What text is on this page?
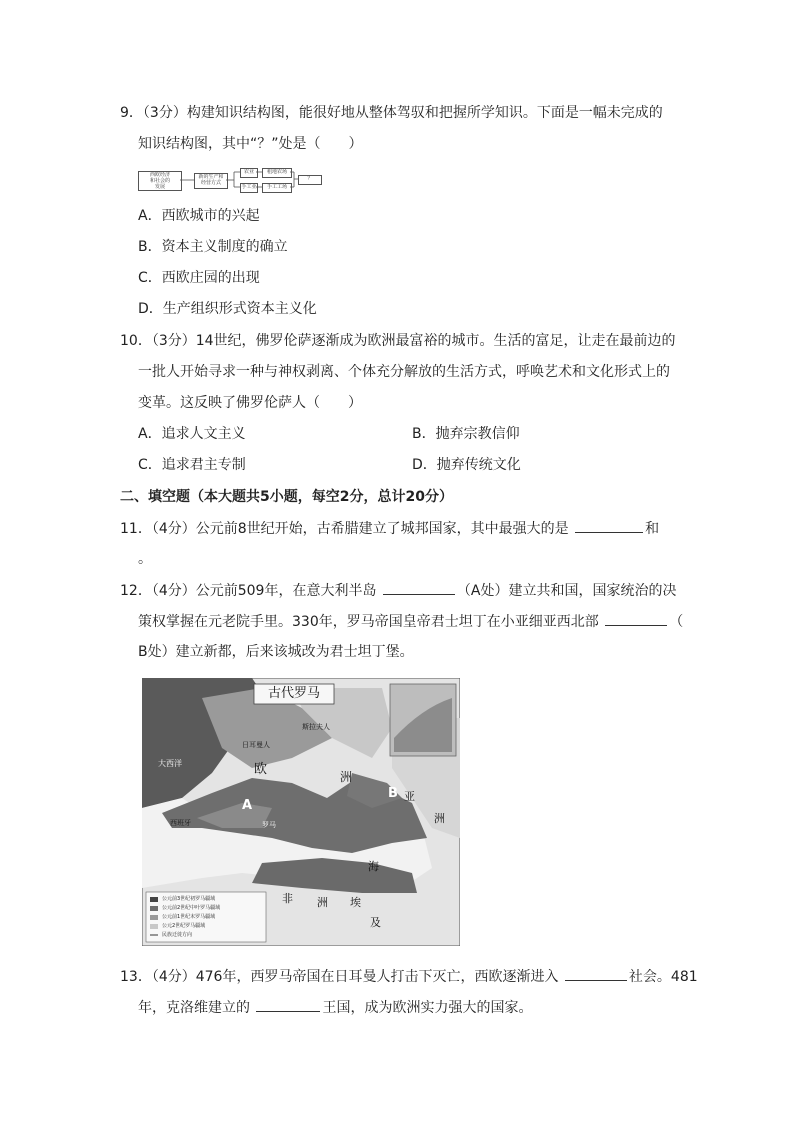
9．（3分）构建知识结构图，能很好地从整体驾驭和把握所学知识。下面是一幅未完成的
知识结构图，其中“？”处是（　　）
西欧经济
和社会的
发展
新的生产和
经营方式
农业	租地农场
手工业	手工工场
？
A．西欧城市的兴起
B．资本主义制度的确立
C．西欧庄园的出现
D．生产组织形式资本主义化
10．（3分）14世纪，佛罗伦萨逐渐成为欧洲最富裕的城市。生活的富足，让走在最前边的
一批人开始寻求一种与神权剥离、个体充分解放的生活方式，呼唤艺术和文化形式上的
变革。这反映了佛罗伦萨人（　　）
A．追求人文主义	B．抛弃宗教信仰
C．追求君主专制	D．抛弃传统文化
二、填空题（本大题共5小题，每空2分，总计20分）
11．（4分）公元前8世纪开始，古希腊建立了城邦国家，其中最强大的是	和
。
12．（4分）公元前509年，在意大利半岛	（A处）建立共和国，国家统治的决
策权掌握在元老院手里。330年，罗马帝国皇帝君士坦丁在小亚细亚西北部	（
B处）建立新都，后来该城改为君士坦丁堡。
古代罗马
斯拉夫人
日耳曼人
欧	洲
大西洋
西班牙
非 洲
亚
洲
A
B
埃
及
罗马
海
公元前3世纪初罗马疆域
公元前2世纪中叶罗马疆域
公元前1世纪末罗马疆域
公元2世纪罗马疆域
民族迁徙方向
13．（4分）476年，西罗马帝国在日耳曼人打击下灭亡，西欧逐渐进入	社会。481
年，克洛维建立的	王国，成为欧洲实力强大的国家。
